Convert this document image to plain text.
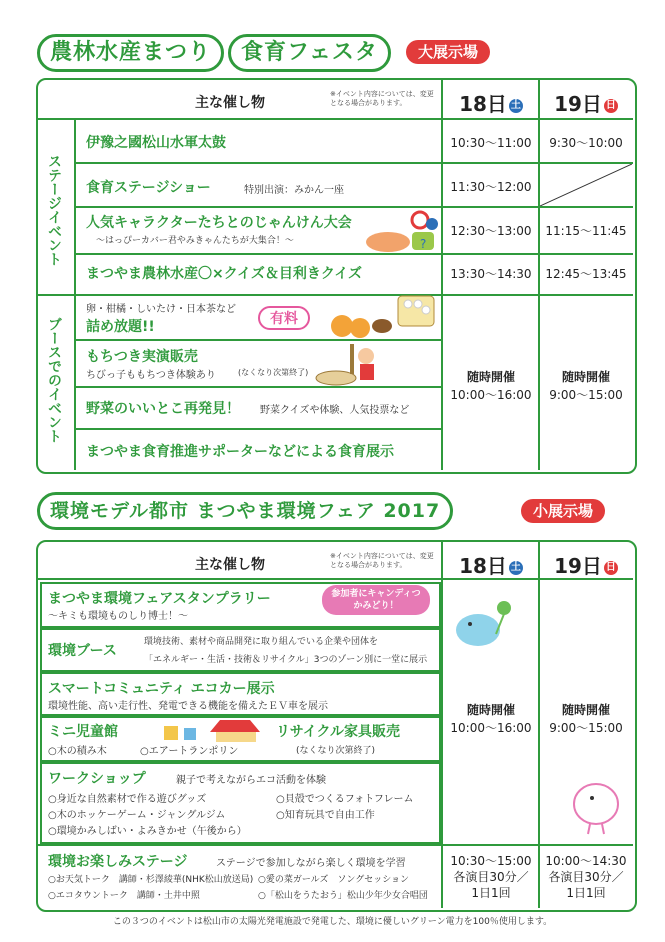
農林水産まつり	食育フェスタ	大展示場
主な催し物
※イベント内容については、変更となる場合があります。	18日 土	19日 日
ステージイベント
ブースでのイベント
伊豫之國松山水軍太鼓	10:30～11:00	9:30～10:00
食育ステージショー	特別出演：みかん一座	11:30～12:00
人気キャラクターたちとのじゃんけん大会
～はっぴーカバー君やみきゃんたちが大集合！～
12:30～13:00	11:15～11:45
?
まつやま農林水産〇×クイズ＆目利きクイズ	13:30～14:30	12:45～13:45
卵・柑橘・しいたけ・日本茶など
詰め放題!!	有料
もちつき実演販売
ちびっ子ももちつき体験あり	(なくなり次第終了)
野菜のいいとこ再発見！ 野菜クイズや体験、人気投票など
まつやま食育推進サポーターなどによる食育展示
随時開催
10:00～16:00
随時開催
9:00～15:00
環境モデル都市 まつやま環境フェア 2017	小展示場
主な催し物
※イベント内容については、変更となる場合があります。	18日 土	19日 日
まつやま環境フェアスタンプラリー
～キミも環境ものしり博士！～
参加者にキャンディつかみどり！
環境ブース
環境技術、素材や商品開発に取り組んでいる企業や団体を
「エネルギー・生活・技術＆リサイクル」3つのゾーン別に一堂に展示
スマートコミュニティ エコカー展示
環境性能、高い走行性、発電できる機能を備えたＥＶ車を展示
ミニ児童館
○木の積み木	○エアートランポリン
リサイクル家具販売
(なくなり次第終了)
ワークショップ	親子で考えながらエコ活動を体験
○身近な自然素材で作る遊びグッズ	○貝殻でつくるフォトフレーム
○木のホッケーゲーム・ジャングルジム	○知育玩具で自由工作
○環境かみしばい・よみきかせ（午後から）
環境お楽しみステージ	ステージで参加しながら楽しく環境を学習
○お天気トーク　講師・杉澤綾華(NHK松山放送局) ○愛の菜ガールズ　ソングセッション
○エコタウントーク　講師・土井中照	○「松山をうたおう」松山少年少女合唱団
随時開催
10:00～16:00
随時開催
9:00～15:00
10:30～15:00
各演目30分／
1日1回
10:00～14:30
各演目30分／
1日1回
この３つのイベントは松山市の太陽光発電施設で発電した、環境に優しいグリーン電力を100％使用します。
